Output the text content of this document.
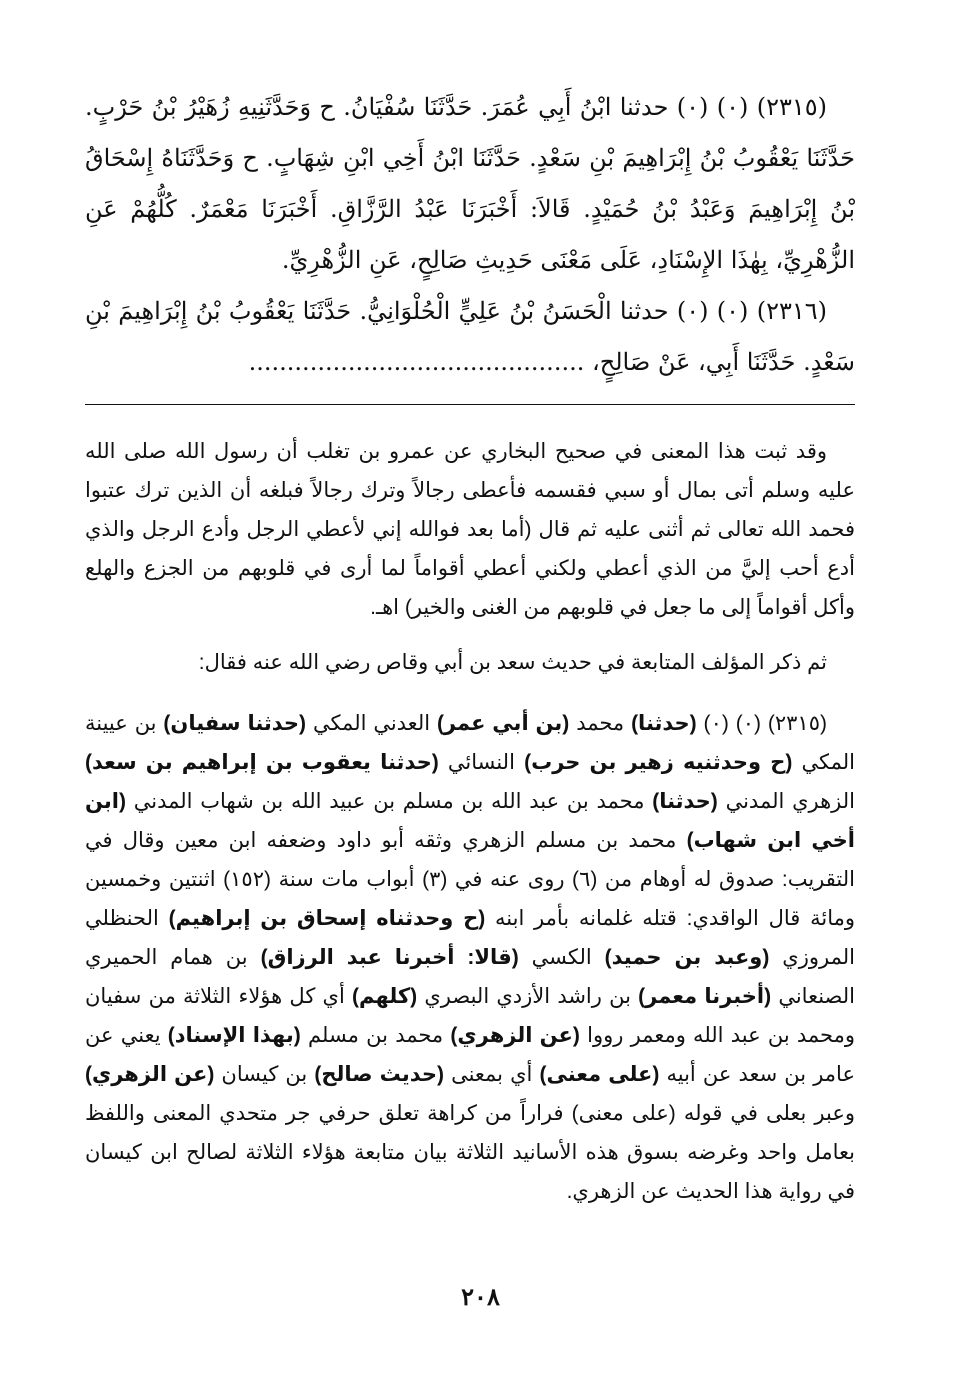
(٢٣١٥) (٠) (٠) حدثنا ابْنُ أَبِي عُمَرَ. حَدَّثَنَا سُفْيَانُ. ح وَحَدَّثَنِيهِ زُهَيْرُ بْنُ حَرْبٍ. حَدَّثَنَا يَعْقُوبُ بْنُ إِبْرَاهِيمَ بْنِ سَعْدٍ. حَدَّثَنَا ابْنُ أَخِي ابْنِ شِهَابٍ. ح وَحَدَّثَنَاهُ إِسْحَاقُ بْنُ إِبْرَاهِيمَ وَعَبْدُ بْنُ حُمَيْدٍ. قَالاَ: أَخْبَرَنَا عَبْدُ الرَّزَّاقِ. أَخْبَرَنَا مَعْمَرٌ. كُلُّهُمْ عَنِ الزُّهْرِيِّ، بِهٰذَا الإِسْنَادِ، عَلَى مَعْنَى حَدِيثِ صَالِحٍ، عَنِ الزُّهْرِيِّ.

(٢٣١٦) (٠) (٠) حدثنا الْحَسَنُ بْنُ عَلِيٍّ الْحُلْوَانِيُّ. حَدَّثَنَا يَعْقُوبُ بْنُ إِبْرَاهِيمَ بْنِ سَعْدٍ. حَدَّثَنَا أَبِي، عَنْ صَالِحٍ، ............................................

وقد ثبت هذا المعنى في صحيح البخاري عن عمرو بن تغلب أن رسول الله صلى الله عليه وسلم أتى بمال أو سبي فقسمه فأعطى رجالاً وترك رجالاً فبلغه أن الذين ترك عتبوا فحمد الله تعالى ثم أثنى عليه ثم قال (أما بعد فوالله إني لأعطي الرجل وأدع الرجل والذي أدع أحب إليَّ من الذي أعطي ولكني أعطي أقواماً لما أرى في قلوبهم من الجزع والهلع وأكل أقواماً إلى ما جعل في قلوبهم من الغنى والخير) اهـ.

ثم ذكر المؤلف المتابعة في حديث سعد بن أبي وقاص رضي الله عنه فقال:

(٢٣١٥) (٠) (٠) (حدثنا) محمد (بن أبي عمر) العدني المكي (حدثنا سفيان) بن عيينة المكي (ح وحدثنيه زهير بن حرب) النسائي (حدثنا يعقوب بن إبراهيم بن سعد) الزهري المدني (حدثنا) محمد بن عبد الله بن مسلم بن عبيد الله بن شهاب المدني (ابن أخي ابن شهاب) محمد بن مسلم الزهري وثقه أبو داود وضعفه ابن معين وقال في التقريب: صدوق له أوهام من (٦) روى عنه في (٣) أبواب مات سنة (١٥٢) اثنتين وخمسين ومائة قال الواقدي: قتله غلمانه بأمر ابنه (ح وحدثناه إسحاق بن إبراهيم) الحنظلي المروزي (وعبد بن حميد) الكسي (قالا: أخبرنا عبد الرزاق) بن همام الحميري الصنعاني (أخبرنا معمر) بن راشد الأزدي البصري (كلهم) أي كل هؤلاء الثلاثة من سفيان ومحمد بن عبد الله ومعمر رووا (عن الزهري) محمد بن مسلم (بهذا الإسناد) يعني عن عامر بن سعد عن أبيه (على معنى) أي بمعنى (حديث صالح) بن كيسان (عن الزهري) وعبر بعلى في قوله (على معنى) فراراً من كراهة تعلق حرفي جر متحدي المعنى واللفظ بعامل واحد وغرضه بسوق هذه الأسانيد الثلاثة بيان متابعة هؤلاء الثلاثة لصالح ابن كيسان في رواية هذا الحديث عن الزهري.

٢٠٨
